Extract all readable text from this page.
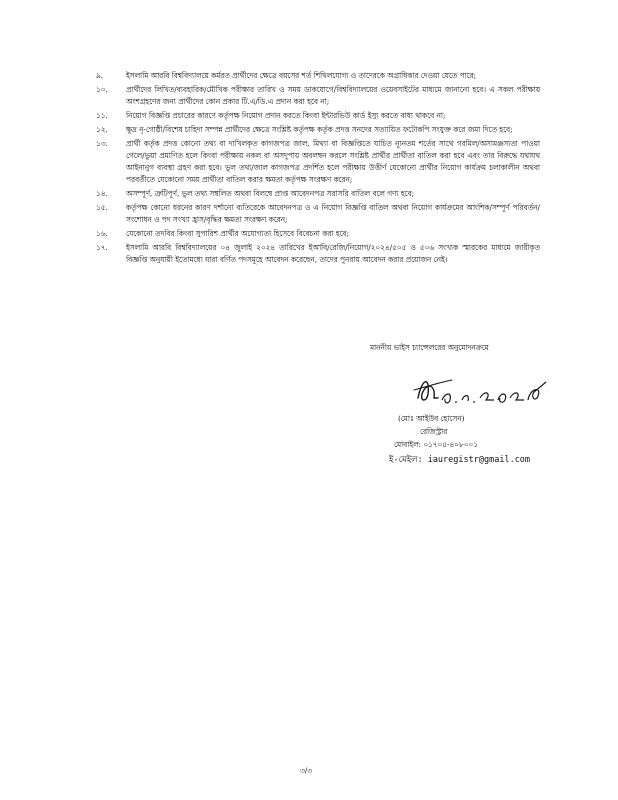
৯.	ইসলামি আরবি বিশ্ববিদ্যালয়ে কর্মরত প্রার্থীদের ক্ষেত্রে বয়সের শর্ত শিথিলযোগ্য ও তাদেরকে অগ্রাধিকার দেওয়া যেতে পারে;
১০.	প্রার্থীদের লিখিত/ব্যবহারিক/মৌখিক পরীক্ষার তারিখ ও সময় ডাকযোগে/বিশ্ববিদ্যালয়ের ওয়েবসাইটের মাধ্যমে জানানো হবে। এ সকল পরীক্ষায় অংশগ্রহণের জন্য প্রার্থীদের কোন প্রকার টি.এ/ডি.এ প্রদান করা হবে না;
১১.	নিয়োগ বিজ্ঞপ্তি প্রচারের কারণে কর্তৃপক্ষ নিয়োগ প্রদান করতে কিংবা ইন্টারভিউ কার্ড ইস্যু করতে বাধ্য থাকবে না;
১২.	ক্ষুদ্র নৃ-গোষ্ঠী/বিশেষ চাহিদা সম্পন্ন প্রার্থীদের ক্ষেত্রে সংশ্লিষ্ট কর্তৃপক্ষ কর্তৃক প্রদত্ত সনদের সত্যায়িত ফটোকপি সংযুক্ত করে জমা দিতে হবে;
১৩.	প্রার্থী কর্তৃক প্রদত্ত কোনো তথ্য বা দাখিলকৃত কাগজপত্র জাল, মিথ্যা বা বিজ্ঞপ্তিতে যাচিত ন্যূনতম শর্তের সাথে গরমিল/অসামঞ্জস্যতা পাওয়া গেলে/ভুয়া প্রমাণিত হলে কিংবা পরীক্ষায় নকল বা অসদুপায় অবলম্বন করলে সংশ্লিষ্ট প্রার্থীর প্রার্থীতা বাতিল করা হবে এবং তার বিরুদ্ধে যথাযথ আইনানুগ ব্যবস্থা গ্রহণ করা হবে। ভুল তথ্য/জাল কাগজপত্র প্রদর্শিত হলে পরীক্ষায় উত্তীর্ণ যেকোনো প্রার্থীর নিয়োগ কার্যক্রম চলাকালীন অথবা পরবর্তীতে যেকোনো সময় প্রার্থীতা বাতিল করার ক্ষমতা কর্তৃপক্ষ সংরক্ষণ করেন;
১৪.	অসম্পূর্ণ, ত্রুটিপূর্ণ, ভুল তথ্য সম্বলিত অথবা বিলম্বে প্রাপ্ত আবেদনপত্র সরাসরি বাতিল বলে গণ্য হবে;
১৫.	কর্তৃপক্ষ কোনো ধরনের কারণ দর্শানো ব্যতিরেকে আবেদনপত্র ও এ নিয়োগ বিজ্ঞপ্তি বাতিল অথবা নিয়োগ কার্যক্রমের আংশিক/সম্পূর্ণ পরিবর্তন/সংশোধন ও পদ সংখ্যা হ্রাস/বৃদ্ধির ক্ষমতা সংরক্ষণ করেন;
১৬.	যেকোনো তদবির কিংবা সুপারিশ প্রার্থীর অযোগ্যতা হিসেবে বিবেচনা করা হবে;
১৭.	ইসলামি আরবি বিশ্ববিদ্যালয়ের ০৪ জুলাই ২০২৪ তারিখের ইআবি/রেজি/নিয়োগ/২০২৪/৫০৫ ও ৫০৬ সংখ্যক স্মারকের মাধ্যমে জারীকৃত বিজ্ঞপ্তি অনুযায়ী ইতোমধ্যে যারা বর্ণিত পদসমূহে আবেদন করেছেন, তাদের পুনরায় আবেদন করার প্রয়োজন নেই।
মাননীয় ভাইস চ্যান্সেলরের অনুমোদনক্রমে
(মোঃ আইউব হোসেন)
রেজিস্ট্রার
মোবাইল: ০১৭০৫-৪০৮০০১
ই-মেইল: iauregistr@gmail.com
৩/৩
